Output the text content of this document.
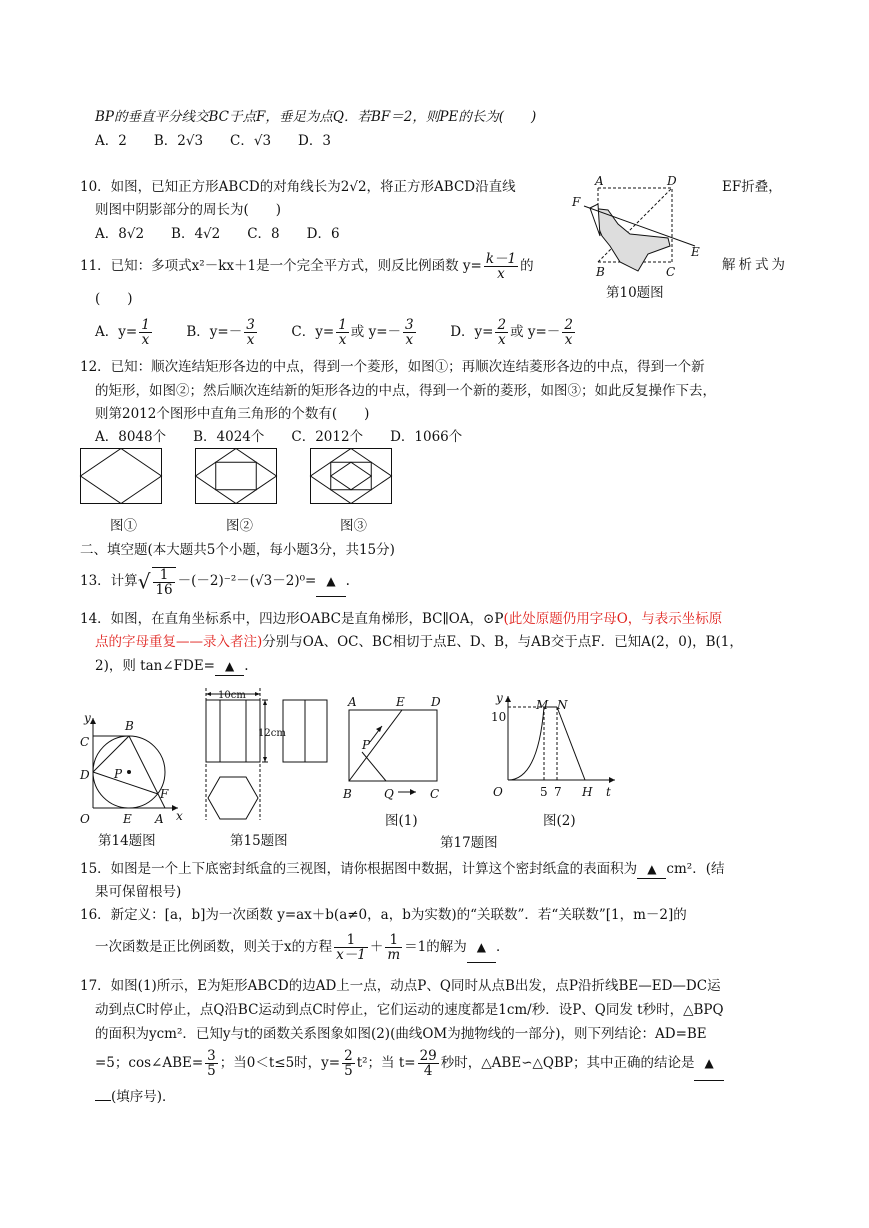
BP的垂直平分线交BC于点F，垂足为点Q．若BF＝2，则PE的长为(　　)
A．2　　B．2√3　　C．√3　　D．3
10．如图，已知正方形ABCD的对角线长为2√2，将正方形ABCD沿直线	EF折叠，
则图中阴影部分的周长为(　　)
A．8√2　　B．4√2　　C．8　　D．6
A	D
F
E
B	C
第10题图
11．已知：多项式x²－kx＋1是一个完全平方式，则反比例函数 $y= \frac{k-1}{x}$ 的	解析式为
(　　)
A．$y= \frac{1}{x}$	B．$y=- \frac{3}{x}$	C．$y= \frac{1}{x}$ 或 $y=- \frac{3}{x}$	D．$y= \frac{2}{x}$ 或 $y=- \frac{2}{x}$
12．已知：顺次连结矩形各边的中点，得到一个菱形，如图①；再顺次连结菱形各边的中点，得到一个新
的矩形，如图②；然后顺次连结新的矩形各边的中点，得到一个新的菱形，如图③；如此反复操作下去，
则第2012个图形中直角三角形的个数有(　　)
A．8048个　　B．4024个　　C．2012个　　D．1066个
图①	图②	图③
二、填空题(本大题共5个小题，每小题3分，共15分)
13．计算√ $\frac{1}{16} -(-2)^{-2}-(√3-2)^0=$ ▲ .
14．如图，在直角坐标系中，四边形OABC是直角梯形，BC∥OA，⊙P(此处原题仍用字母O，与表示坐标原
点的字母重复——录入者注)分别与OA、OC、BC相切于点E、D、B，与AB交于点F．已知A(2，0)，B(1，
2)，则 tan∠FDE= ▲ .
y
C
B
D P
F
O	E A x
第14题图
10cm
12cm
第15题图
A	E D
P
B	Q	C
图(1)
y
10
M N
O	5 7 H t
图(2)
第17题图
15．如图是一个上下底密封纸盒的三视图，请你根据图中数据，计算这个密封纸盒的表面积为 ▲ cm²．(结
果可保留根号)
16．新定义：[a，b]为一次函数 y=ax＋b(a≠0，a，b为实数)的“关联数”．若“关联数”[1，m－2]的
一次函数是正比例函数，则关于x的方程 $\frac{1}{x-1} + \frac{1}{m} =1$的解为 ▲ ．
17．如图(1)所示，E为矩形ABCD的边AD上一点，动点P、Q同时从点B出发，点P沿折线BE—ED—DC运
动到点C时停止，点Q沿BC运动到点C时停止，它们运动的速度都是1cm/秒．设P、Q同发 t秒时，△BPQ
的面积为ycm²．已知y与t的函数关系图象如图(2)(曲线OM为抛物线的一部分)，则下列结论：AD=BE
=5；cos∠ABE= $\frac{3}{5}$ ；当0＜t≤5时，$y= \frac{2}{5} t^2$；当 $t= \frac{29}{4}$ 秒时，△ABE∽△QBP；其中正确的结论是 ▲
(填序号)．
